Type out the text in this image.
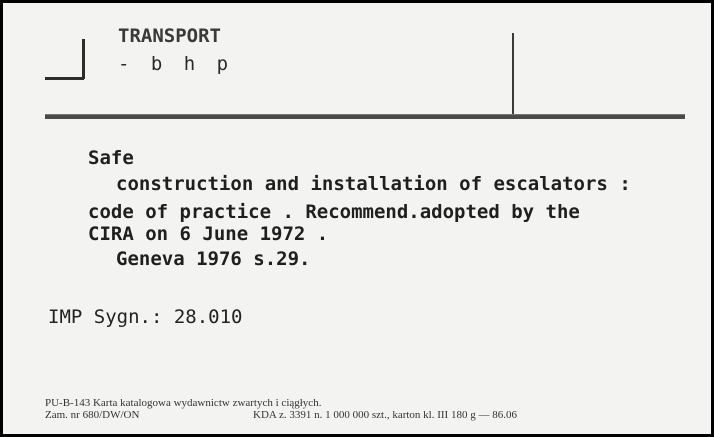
TRANSPORT
- b h p
Safe
construction and installation of escalators :
code of practice . Recommend.adopted by the
CIRA on 6 June 1972 .
Geneva 1976 s.29.
IMP Sygn.: 28.010
PU-B-143 Karta katalogowa wydawnictw zwartych i ciągłych.
Zam. nr 680/DW/ON	KDA z. 3391 n. 1 000 000 szt., karton kl. III 180 g — 86.06
